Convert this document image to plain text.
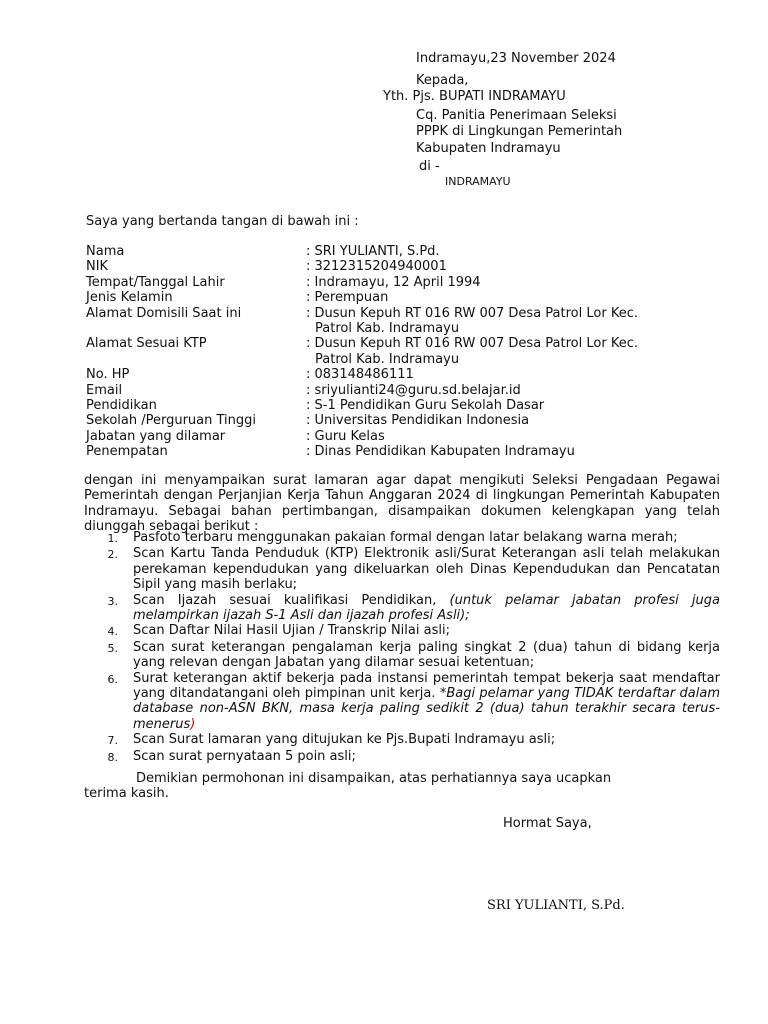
Indramayu,23 November 2024
Kepada,
Yth. Pjs. BUPATI INDRAMAYU
Cq. Panitia Penerimaan Seleksi
PPPK di Lingkungan Pemerintah
Kabupaten Indramayu
di -
INDRAMAYU
Saya yang bertanda tangan di bawah ini :
Nama	: SRI YULIANTI, S.Pd.
NIK	: 3212315204940001
Tempat/Tanggal Lahir	: Indramayu, 12 April 1994
Jenis Kelamin	: Perempuan
Alamat Domisili Saat ini	: Dusun Kepuh RT 016 RW 007 Desa Patrol Lor Kec.
Patrol Kab. Indramayu
Alamat Sesuai KTP	: Dusun Kepuh RT 016 RW 007 Desa Patrol Lor Kec.
Patrol Kab. Indramayu
No. HP	: 083148486111
Email	: sriyulianti24@guru.sd.belajar.id
Pendidikan	: S-1 Pendidikan Guru Sekolah Dasar
Sekolah /Perguruan Tinggi	: Universitas Pendidikan Indonesia
Jabatan yang dilamar	: Guru Kelas
Penempatan	: Dinas Pendidikan Kabupaten Indramayu

dengan ini menyampaikan surat lamaran agar dapat mengikuti Seleksi Pengadaan Pegawai Pemerintah dengan Perjanjian Kerja Tahun Anggaran 2024 di lingkungan Pemerintah Kabupaten Indramayu. Sebagai bahan pertimbangan, disampaikan dokumen kelengkapan yang telah diunggah sebagai berikut :

1.	Pasfoto terbaru menggunakan pakaian formal dengan latar belakang warna merah;
2.	Scan Kartu Tanda Penduduk (KTP) Elektronik asli/Surat Keterangan asli telah melakukan perekaman kependudukan yang dikeluarkan oleh Dinas Kependudukan dan Pencatatan Sipil yang masih berlaku;
3.	Scan Ijazah sesuai kualifikasi Pendidikan, (untuk pelamar jabatan profesi juga melampirkan ijazah S-1 Asli dan ijazah profesi Asli);
4.	Scan Daftar Nilai Hasil Ujian / Transkrip Nilai asli;
5.	Scan surat keterangan pengalaman kerja paling singkat 2 (dua) tahun di bidang kerja yang relevan dengan Jabatan yang dilamar sesuai ketentuan;
6.	Surat keterangan aktif bekerja pada instansi pemerintah tempat bekerja saat mendaftar yang ditandatangani oleh pimpinan unit kerja. *Bagi pelamar yang TIDAK terdaftar dalam database non-ASN BKN, masa kerja paling sedikit 2 (dua) tahun terakhir secara terus-menerus)
7.	Scan Surat lamaran yang ditujukan ke Pjs.Bupati Indramayu asli;
8.	Scan surat pernyataan 5 poin asli;
Demikian permohonan ini disampaikan, atas perhatiannya saya ucapkan
terima kasih.
Hormat Saya,
SRI YULIANTI, S.Pd.
